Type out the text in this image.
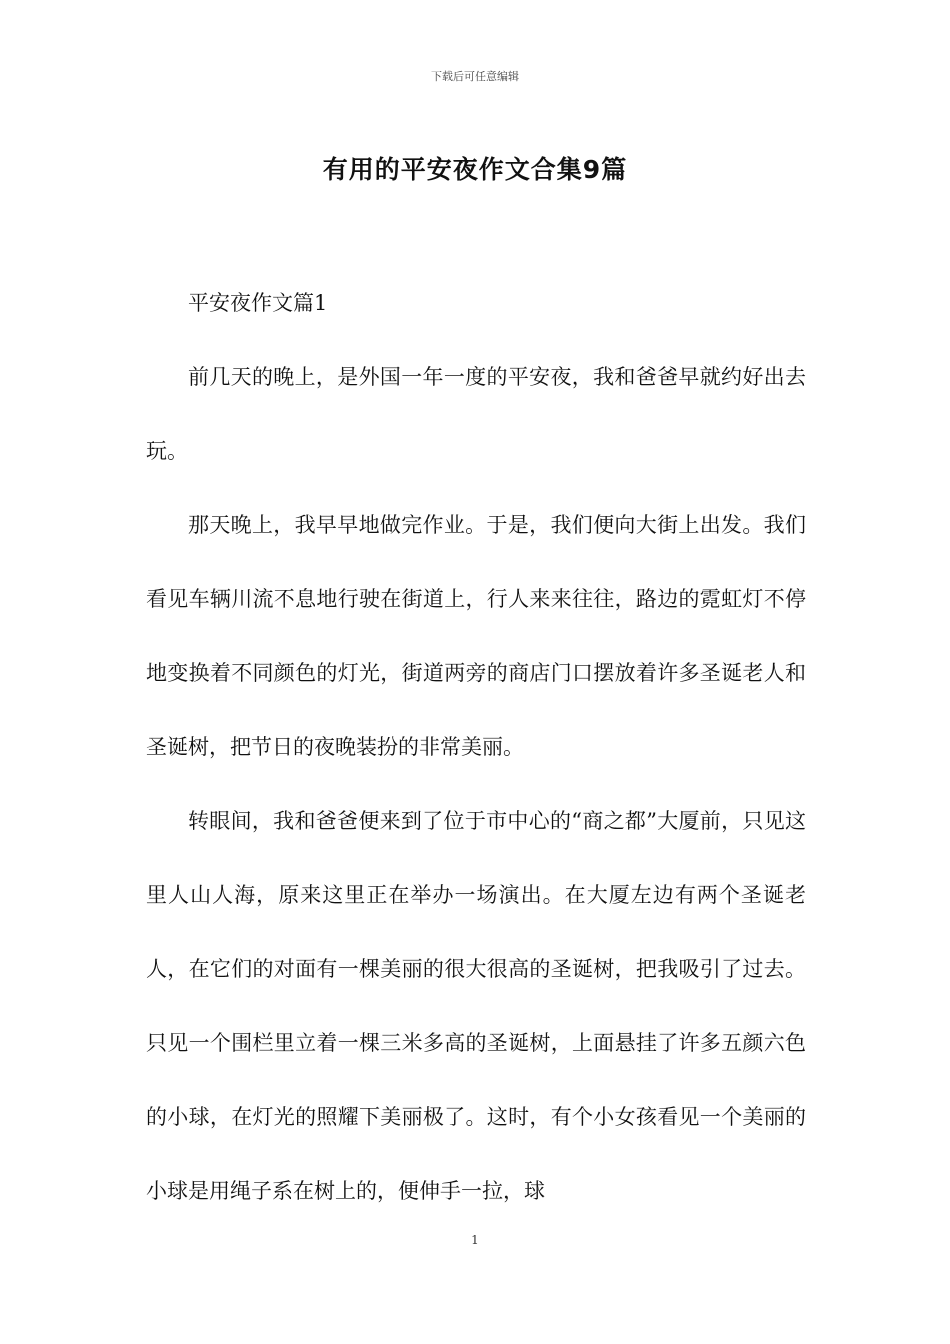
下载后可任意编辑
有用的平安夜作文合集9篇

平安夜作文篇1

前几天的晚上，是外国一年一度的平安夜，我和爸爸早就约好出去玩。

那天晚上，我早早地做完作业。于是，我们便向大街上出发。我们看见车辆川流不息地行驶在街道上，行人来来往往，路边的霓虹灯不停地变换着不同颜色的灯光，街道两旁的商店门口摆放着许多圣诞老人和圣诞树，把节日的夜晚装扮的非常美丽。

转眼间，我和爸爸便来到了位于市中心的“商之都”大厦前，只见这里人山人海，原来这里正在举办一场演出。在大厦左边有两个圣诞老人，在它们的对面有一棵美丽的很大很高的圣诞树，把我吸引了过去。只见一个围栏里立着一棵三米多高的圣诞树，上面悬挂了许多五颜六色的小球，在灯光的照耀下美丽极了。这时，有个小女孩看见一个美丽的小球是用绳子系在树上的，便伸手一拉，球

1
